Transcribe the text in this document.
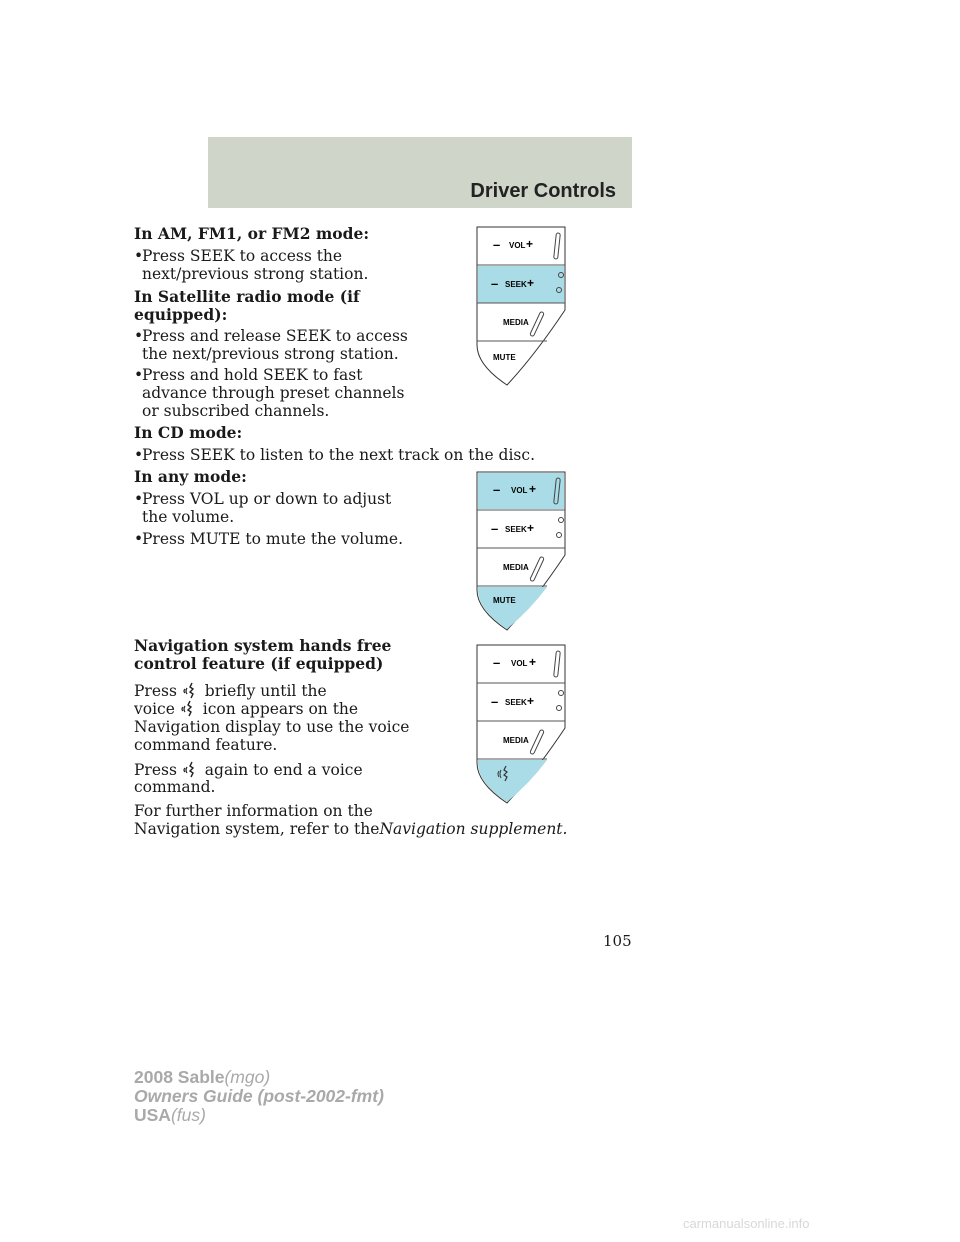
Driver Controls
In AM, FM1, or FM2 mode:
•
Press SEEK to access the
next/previous strong station.
In Satellite radio mode (if
equipped):
•
Press and release SEEK to access
the next/previous strong station.
•
Press and hold SEEK to fast
advance through preset channels
or subscribed channels.
In CD mode:
•
Press SEEK to listen to the next track on the disc.
In any mode:
•
Press VOL up or down to adjust
the volume.
•
Press MUTE to mute the volume.
Navigation system hands free
control feature (if equipped)
Press briefly until the
voice icon appears on the
Navigation display to use the voice
command feature.
Press again to end a voice
command.
For further information on the
Navigation system, refer to theNavigation supplement.
– VOL +
– SEEK +
MEDIA
MUTE
– VOL +
– SEEK +
MEDIA
MUTE
– VOL +
– SEEK +
MEDIA
105
2008 Sable(mgo)
Owners Guide (post-2002-fmt)
USA(fus)
carmanualsonline.info
